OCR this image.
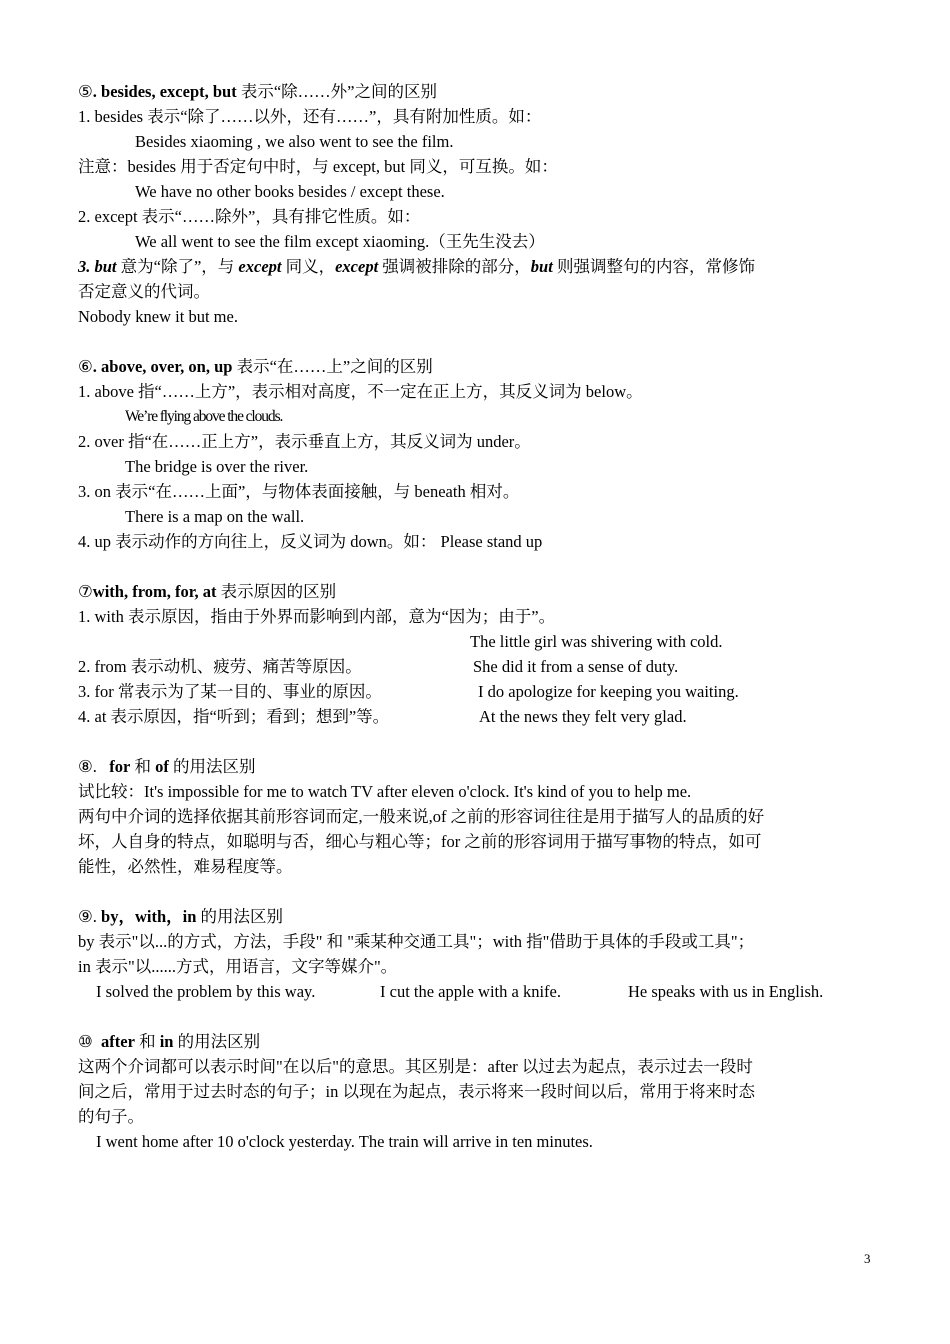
⑤. besides, except, but 表示“除……外”之间的区别
1. besides 表示“除了……以外，还有……”，具有附加性质。如：
Besides xiaoming , we also went to see the film.
注意：besides 用于否定句中时，与 except, but 同义，可互换。如：
We have no other books besides / except these.
2. except 表示“……除外”，具有排它性质。如：
We all went to see the film except xiaoming.（王先生没去）
3. but 意为“除了”，与 except 同义，except 强调被排除的部分，but 则强调整句的内容，常修饰
否定意义的代词。
Nobody knew it but me.
⑥. above, over, on, up 表示“在……上”之间的区别
1. above 指“……上方”，表示相对高度，不一定在正上方，其反义词为 below。
We’re flying above the clouds.
2. over 指“在……正上方”，表示垂直上方，其反义词为 under。
The bridge is over the river.
3. on 表示“在……上面”，与物体表面接触，与 beneath 相对。
There is a map on the wall.
4. up 表示动作的方向往上，反义词为 down。如： Please stand up
⑦with, from, for, at 表示原因的区别
1. with 表示原因，指由于外界而影响到内部，意为“因为；由于”。
The little girl was shivering with cold.
2. from 表示动机、疲劳、痛苦等原因。	She did it from a sense of duty.
3. for 常表示为了某一目的、事业的原因。	I do apologize for keeping you waiting.
4. at 表示原因，指“听到；看到；想到”等。	At the news they felt very glad.
⑧. for 和 of 的用法区别
试比较：It's impossible for me to watch TV after eleven o'clock. It's kind of you to help me.
两句中介词的选择依据其前形容词而定,一般来说,of 之前的形容词往往是用于描写人的品质的好
坏，人自身的特点，如聪明与否，细心与粗心等；for 之前的形容词用于描写事物的特点，如可
能性，必然性，难易程度等。
⑨. by，with，in 的用法区别
by 表示"以...的方式，方法，手段" 和 "乘某种交通工具"；with 指"借助于具体的手段或工具"；
in 表示"以......方式，用语言，文字等媒介"。
I solved the problem by this way.	I cut the apple with a knife.	He speaks with us in English.
⑩ after 和 in 的用法区别
这两个介词都可以表示时间"在以后"的意思。其区别是：after 以过去为起点，表示过去一段时
间之后，常用于过去时态的句子；in 以现在为起点，表示将来一段时间以后，常用于将来时态
的句子。
I went home after 10 o'clock yesterday. The train will arrive in ten minutes.
3
